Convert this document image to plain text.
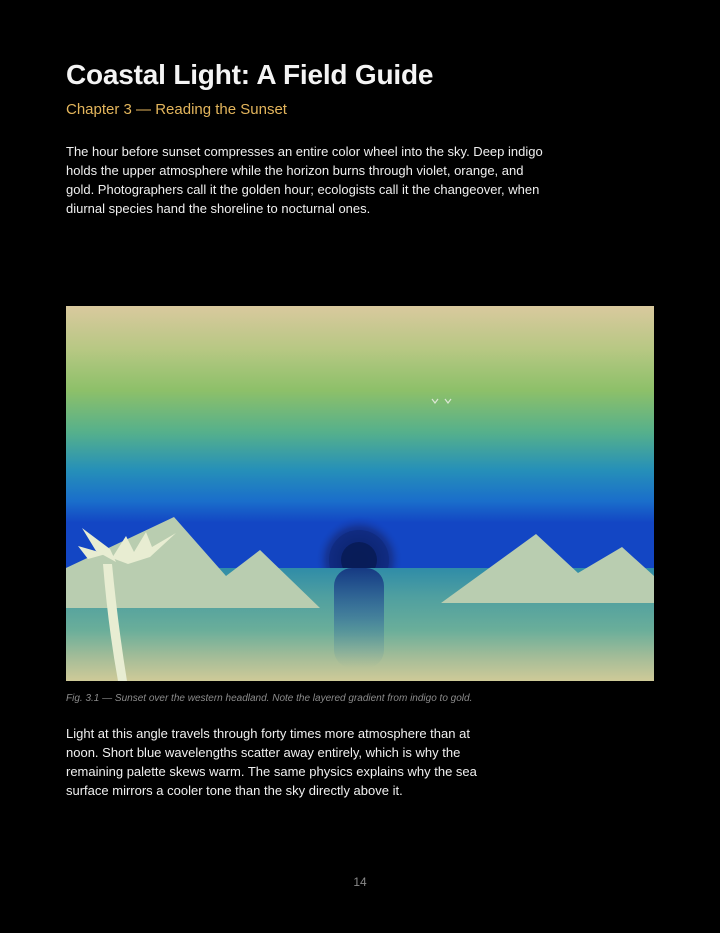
Coastal Light: A Field Guide
Chapter 3 — Reading the Sunset

The hour before sunset compresses an entire color wheel into the sky. Deep indigo holds the upper atmosphere while the horizon burns through violet, orange, and gold. Photographers call it the golden hour; ecologists call it the changeover, when diurnal species hand the shoreline to nocturnal ones.

Fig. 3.1 — Sunset over the western headland. Note the layered gradient from indigo to gold.

Light at this angle travels through forty times more atmosphere than at noon. Short blue wavelengths scatter away entirely, which is why the remaining palette skews warm. The same physics explains why the sea surface mirrors a cooler tone than the sky directly above it.

14
